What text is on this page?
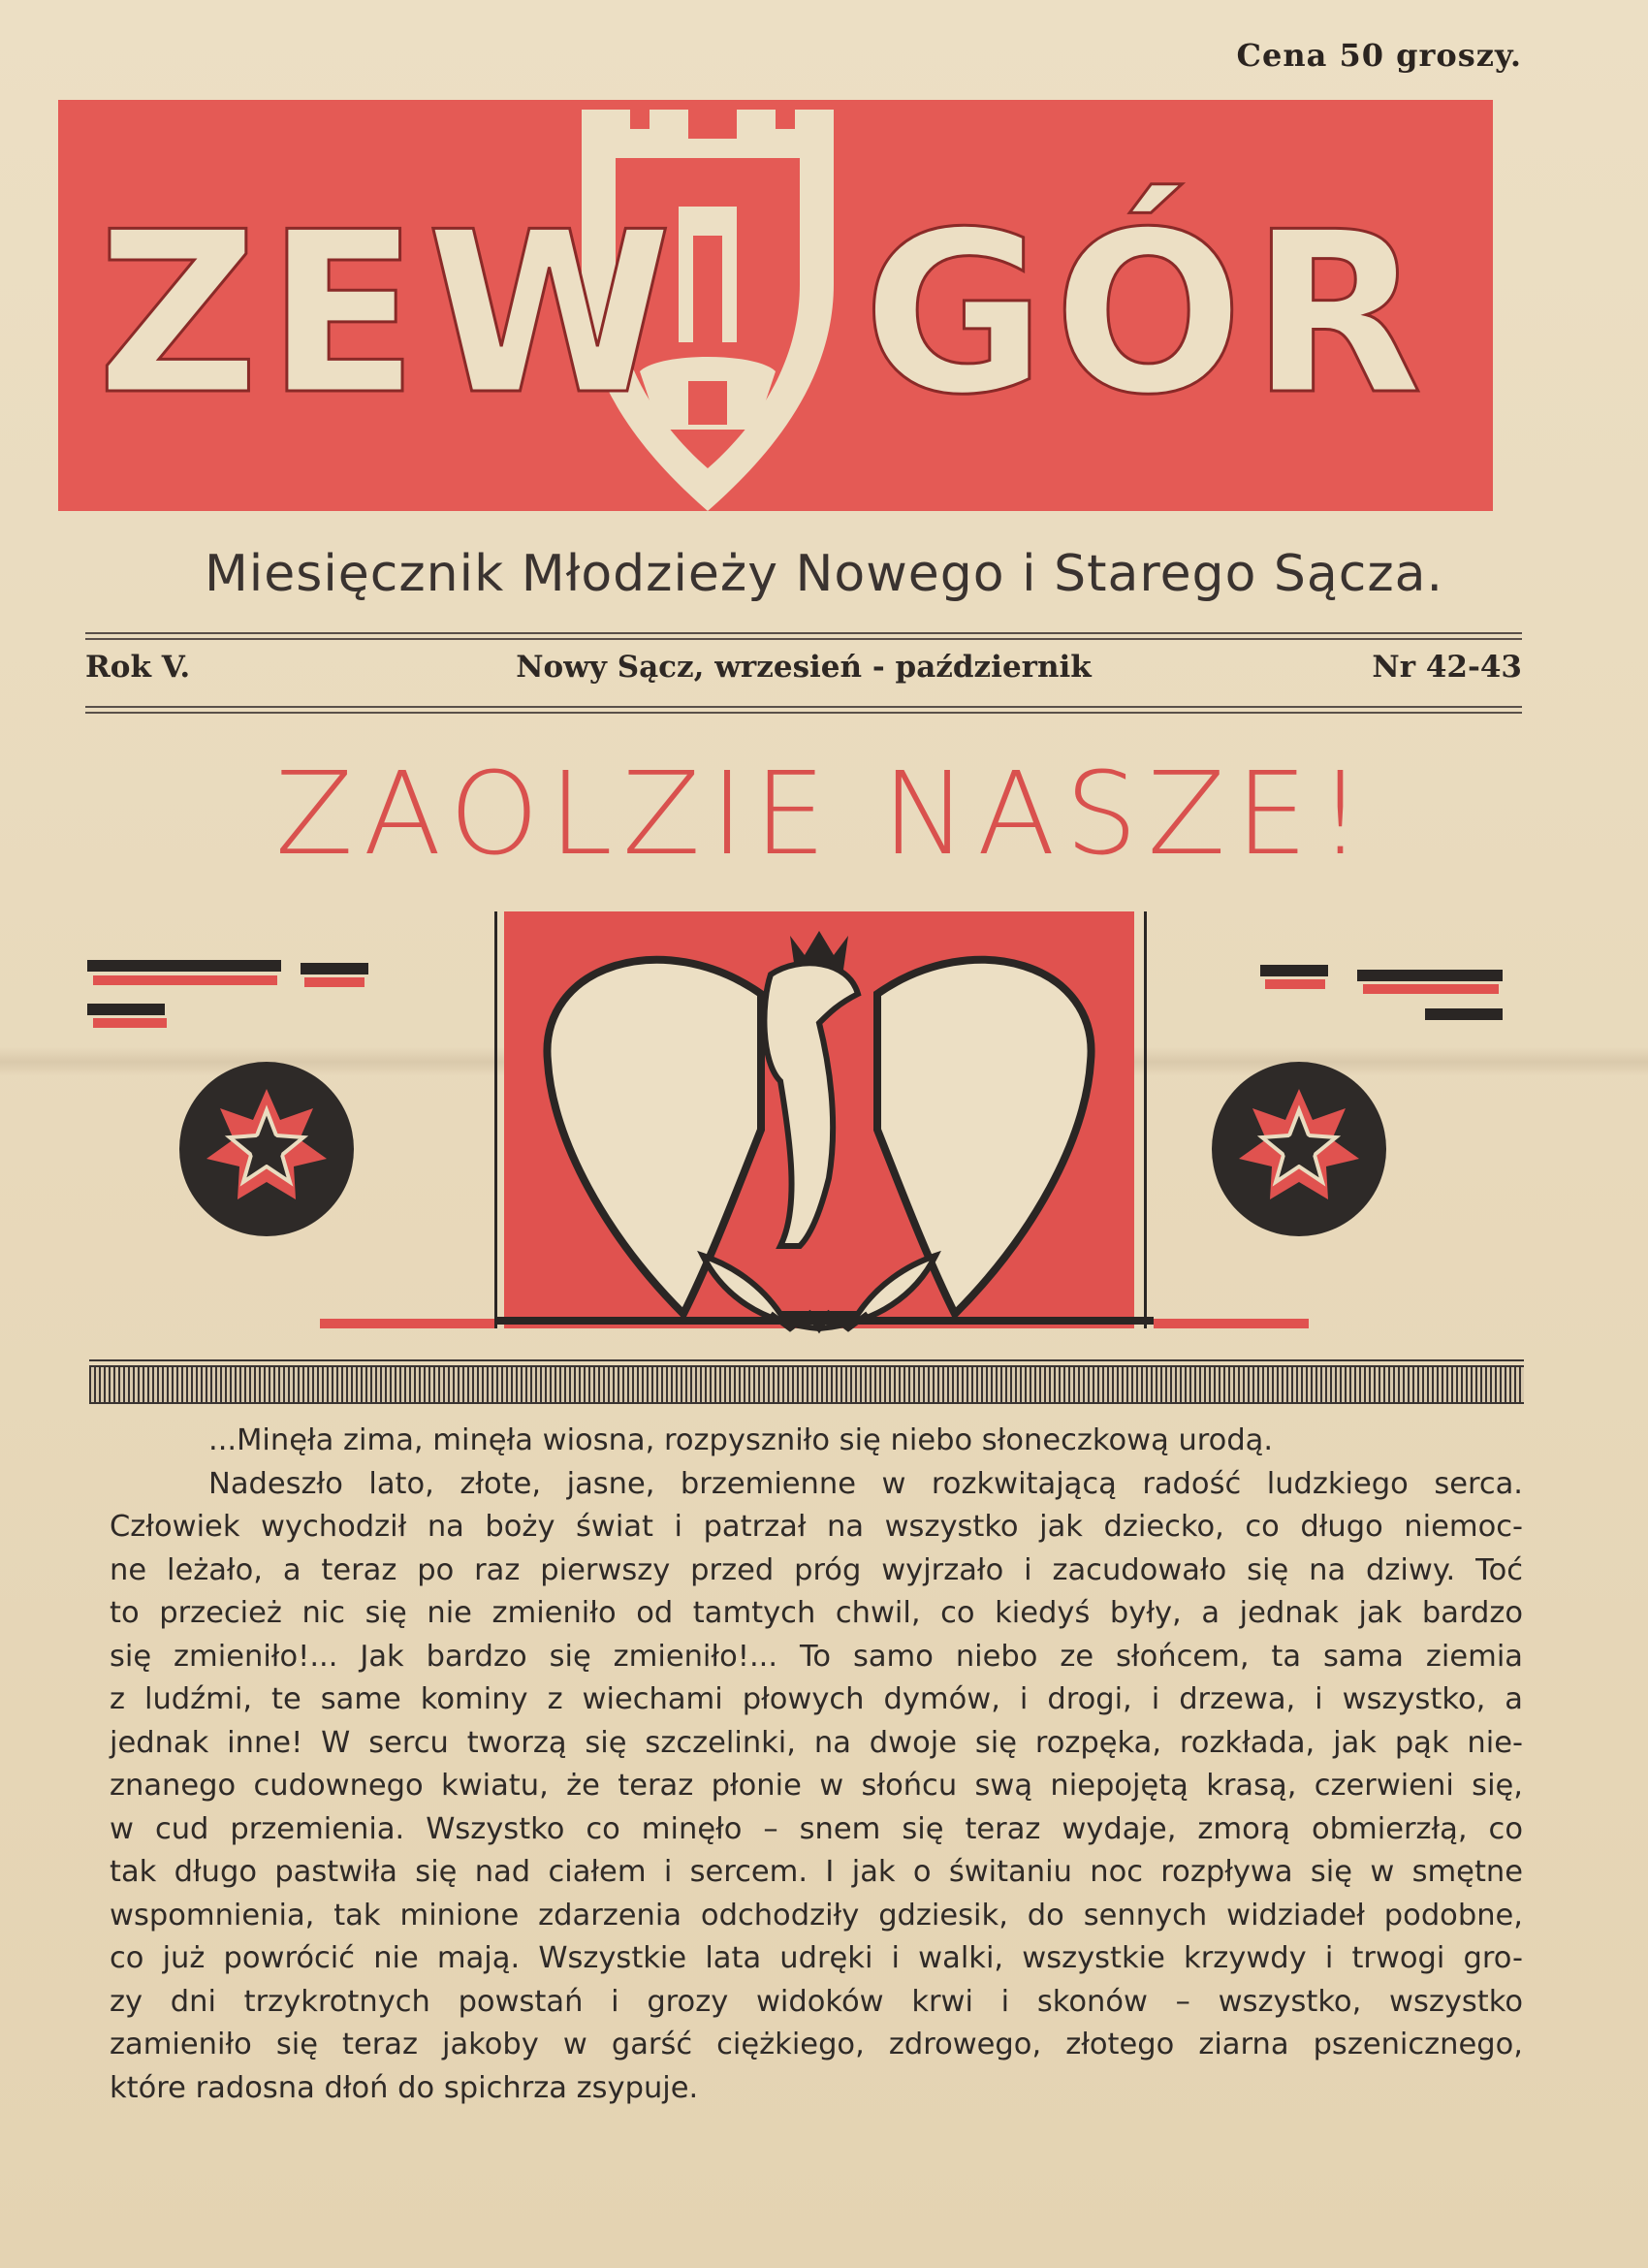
Cena 50 groszy.
ZEW GÓR
Miesięcznik Młodzieży Nowego i Starego Sącza.
Rok V.	Nowy Sącz, wrzesień - październik	Nr 42-43
ZAOLZIE NASZE!
...Minęła zima, minęła wiosna, rozpyszniło się niebo słoneczkową urodą.
Nadeszło lato, złote, jasne, brzemienne w rozkwitającą radość ludzkiego serca.
Człowiek wychodził na boży świat i patrzał na wszystko jak dziecko, co długo niemoc-
ne leżało, a teraz po raz pierwszy przed próg wyjrzało i zacudowało się na dziwy. Toć
to przecież nic się nie zmieniło od tamtych chwil, co kiedyś były, a jednak jak bardzo
się zmieniło!... Jak bardzo się zmieniło!... To samo niebo ze słońcem, ta sama ziemia
z ludźmi, te same kominy z wiechami płowych dymów, i drogi, i drzewa, i wszystko, a
jednak inne! W sercu tworzą się szczelinki, na dwoje się rozpęka, rozkłada, jak pąk nie-
znanego cudownego kwiatu, że teraz płonie w słońcu swą niepojętą krasą, czerwieni się,
w cud przemienia. Wszystko co minęło – snem się teraz wydaje, zmorą obmierzłą, co
tak długo pastwiła się nad ciałem i sercem. I jak o świtaniu noc rozpływa się w smętne
wspomnienia, tak minione zdarzenia odchodziły gdziesik, do sennych widziadeł podobne,
co już powrócić nie mają. Wszystkie lata udręki i walki, wszystkie krzywdy i trwogi gro-
zy dni trzykrotnych powstań i grozy widoków krwi i skonów – wszystko, wszystko
zamieniło się teraz jakoby w garść ciężkiego, zdrowego, złotego ziarna pszenicznego,
które radosna dłoń do spichrza zsypuje.
